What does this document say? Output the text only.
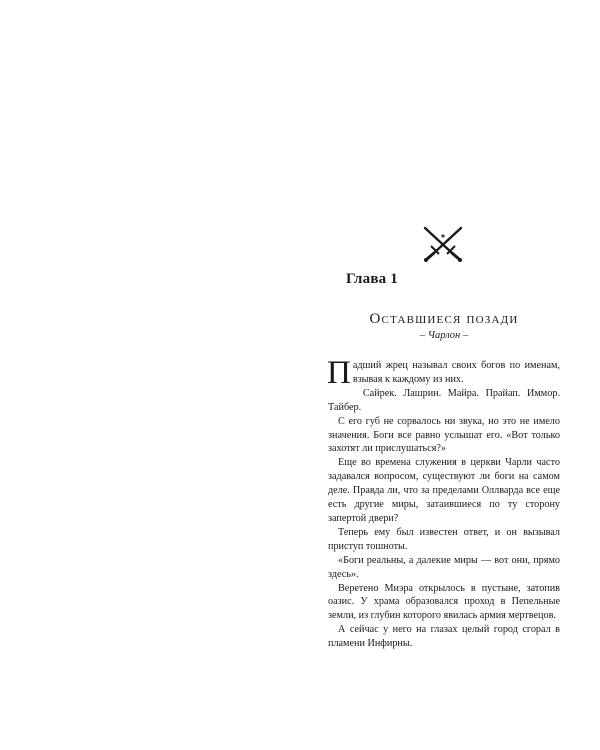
Глава 1
Оставшиеся позади
– Чарлон –

Падший жрец называл своих богов по именам, взывая к каждому из них.

Сайрек. Лашрин. Майра. Прайап. Иммор. Тайбер.

С его губ не сорвалось ни звука, но это не имело значения. Боги все равно услышат его. «Вот только захотят ли прислушаться?»

Еще во времена служения в церкви Чарли часто задавался вопросом, существуют ли боги на самом деле. Правда ли, что за пределами Оллварда все еще есть другие миры, затаившиеся по ту сторону запертой двери?

Теперь ему был известен ответ, и он вызывал приступ тошноты.

«Боги реальны, а далекие миры — вот они, прямо здесь».

Веретено Миэра открылось в пустыне, затопив оазис. У храма образовался проход в Пепельные земли, из глубин которого явилась армия мертвецов.

А сейчас у него на глазах целый город сгорал в пламени Инфирны.
